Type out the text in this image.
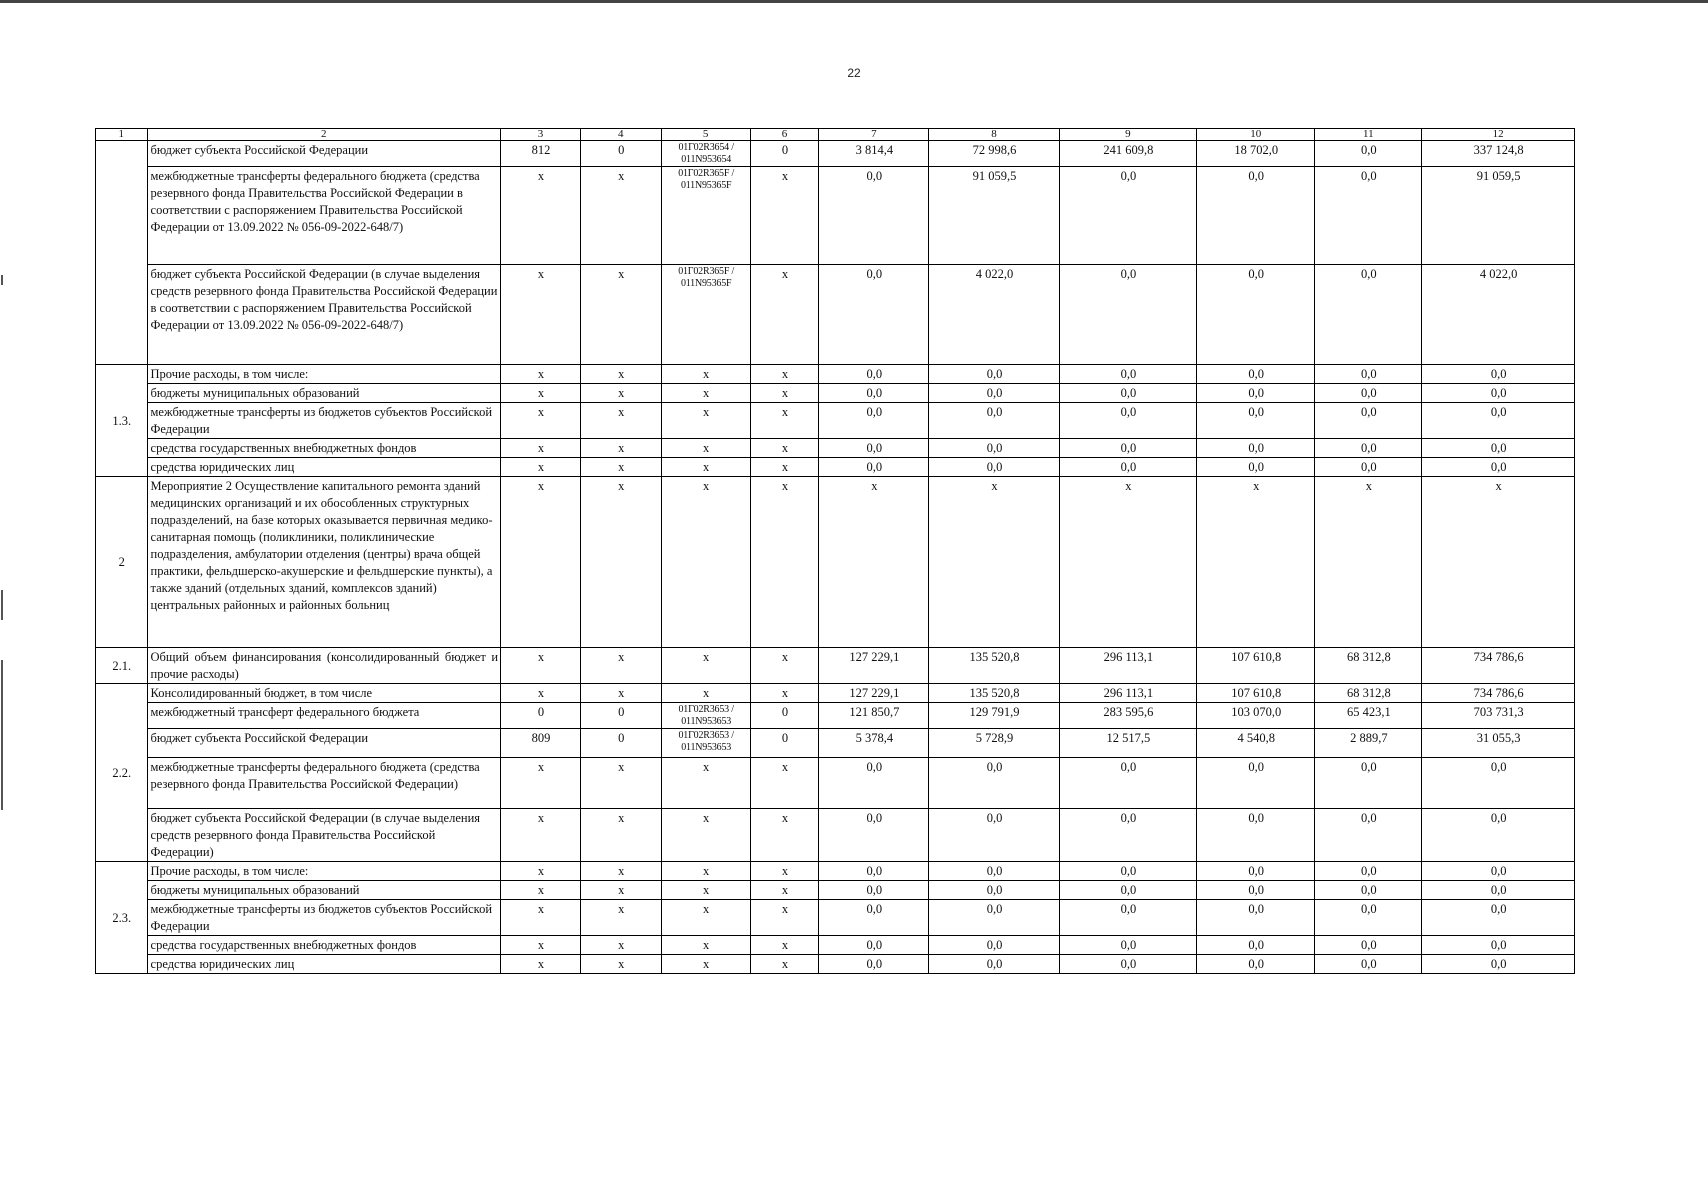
22
1	2	3	4	5	6	7	8	9	10	11	12
	бюджет субъекта Российской Федерации	812	0	01Г02R3654 / 011N953654	0	3 814,4	72 998,6	241 609,8	18 702,0	0,0	337 124,8
	межбюджетные трансферты федерального бюджета (средства резервного фонда Правительства Российской Федерации в соответствии с распоряжением Правительства Российской Федерации от 13.09.2022 № 056-09-2022-648/7)	x	x	01Г02R365F / 011N95365F	x	0,0	91 059,5	0,0	0,0	0,0	91 059,5
	бюджет субъекта Российской Федерации (в случае выделения средств резервного фонда Правительства Российской Федерации в соответствии с распоряжением Правительства Российской Федерации от 13.09.2022 № 056-09-2022-648/7)	x	x	01Г02R365F / 011N95365F	x	0,0	4 022,0	0,0	0,0	0,0	4 022,0
1.3.	Прочие расходы, в том числе:	x	x	x	x	0,0	0,0	0,0	0,0	0,0	0,0
	бюджеты муниципальных образований	x	x	x	x	0,0	0,0	0,0	0,0	0,0	0,0
	межбюджетные трансферты из бюджетов субъектов Российской Федерации	x	x	x	x	0,0	0,0	0,0	0,0	0,0	0,0
	средства государственных внебюджетных фондов	x	x	x	x	0,0	0,0	0,0	0,0	0,0	0,0
	средства юридических лиц	x	x	x	x	0,0	0,0	0,0	0,0	0,0	0,0
2	Мероприятие 2 Осуществление капитального ремонта зданий медицинских организаций и их обособленных структурных подразделений, на базе которых оказывается первичная медико-санитарная помощь (поликлиники, поликлинические подразделения, амбулатории отделения (центры) врача общей практики, фельдшерско-акушерские и фельдшерские пункты), а также зданий (отдельных зданий, комплексов зданий) центральных районных и районных больниц	x	x	x	x	x	x	x	x	x	x
2.1.	Общий объем финансирования (консолидированный бюджет и прочие расходы)	x	x	x	x	127 229,1	135 520,8	296 113,1	107 610,8	68 312,8	734 786,6
2.2.	Консолидированный бюджет, в том числе	x	x	x	x	127 229,1	135 520,8	296 113,1	107 610,8	68 312,8	734 786,6
	межбюджетный трансферт федерального бюджета	0	0	01Г02R3653 / 011N953653	0	121 850,7	129 791,9	283 595,6	103 070,0	65 423,1	703 731,3
	бюджет субъекта Российской Федерации	809	0	01Г02R3653 / 011N953653	0	5 378,4	5 728,9	12 517,5	4 540,8	2 889,7	31 055,3
	межбюджетные трансферты федерального бюджета (средства резервного фонда Правительства Российской Федерации)	x	x	x	x	0,0	0,0	0,0	0,0	0,0	0,0
	бюджет субъекта Российской Федерации (в случае выделения средств резервного фонда Правительства Российской Федерации)	x	x	x	x	0,0	0,0	0,0	0,0	0,0	0,0
2.3.	Прочие расходы, в том числе:	x	x	x	x	0,0	0,0	0,0	0,0	0,0	0,0
	бюджеты муниципальных образований	x	x	x	x	0,0	0,0	0,0	0,0	0,0	0,0
	межбюджетные трансферты из бюджетов субъектов Российской Федерации	x	x	x	x	0,0	0,0	0,0	0,0	0,0	0,0
	средства государственных внебюджетных фондов	x	x	x	x	0,0	0,0	0,0	0,0	0,0	0,0
	средства юридических лиц	x	x	x	x	0,0	0,0	0,0	0,0	0,0	0,0
